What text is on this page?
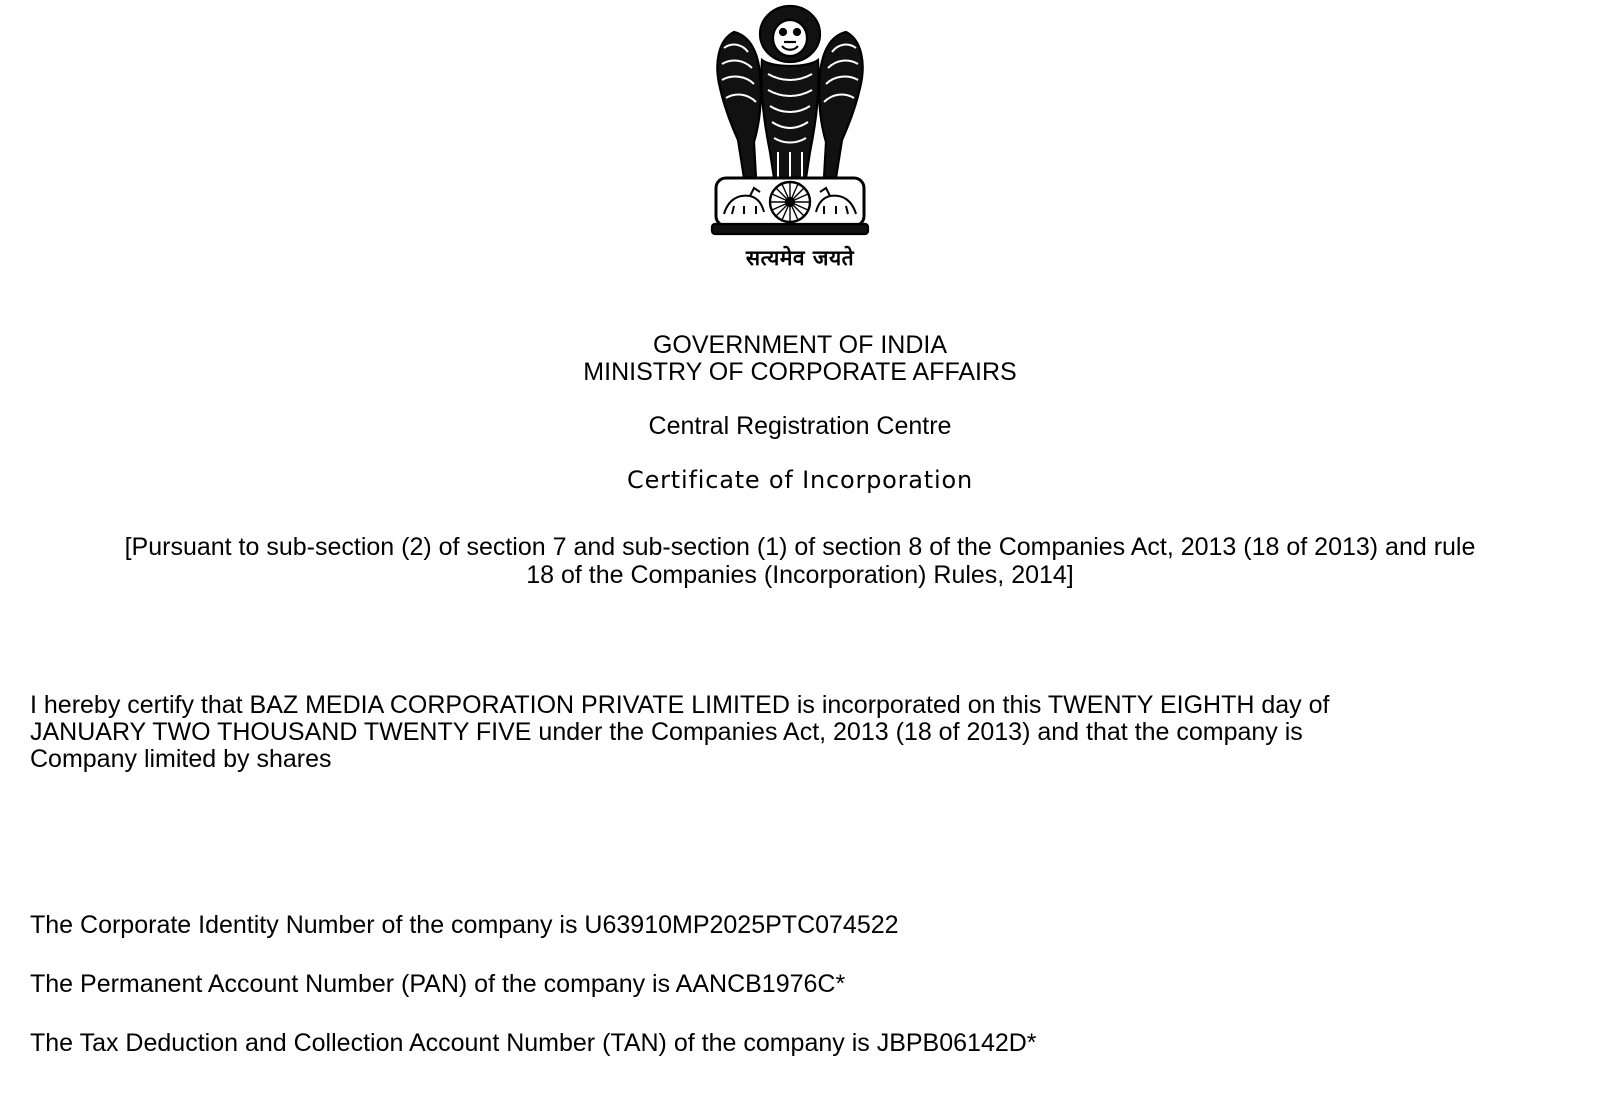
सत्यमेव जयते
GOVERNMENT OF INDIA
MINISTRY OF CORPORATE AFFAIRS
Central Registration Centre
Certificate of Incorporation
[Pursuant to sub-section (2) of section 7 and sub-section (1) of section 8 of the Companies Act, 2013 (18 of 2013) and rule
18 of the Companies (Incorporation) Rules, 2014]
I hereby certify that BAZ MEDIA CORPORATION PRIVATE LIMITED is incorporated on this TWENTY EIGHTH day of
JANUARY TWO THOUSAND TWENTY FIVE under the Companies Act, 2013 (18 of 2013) and that the company is
Company limited by shares
The Corporate Identity Number of the company is U63910MP2025PTC074522
The Permanent Account Number (PAN) of the company is AANCB1976C*
The Tax Deduction and Collection Account Number (TAN) of the company is JBPB06142D*
